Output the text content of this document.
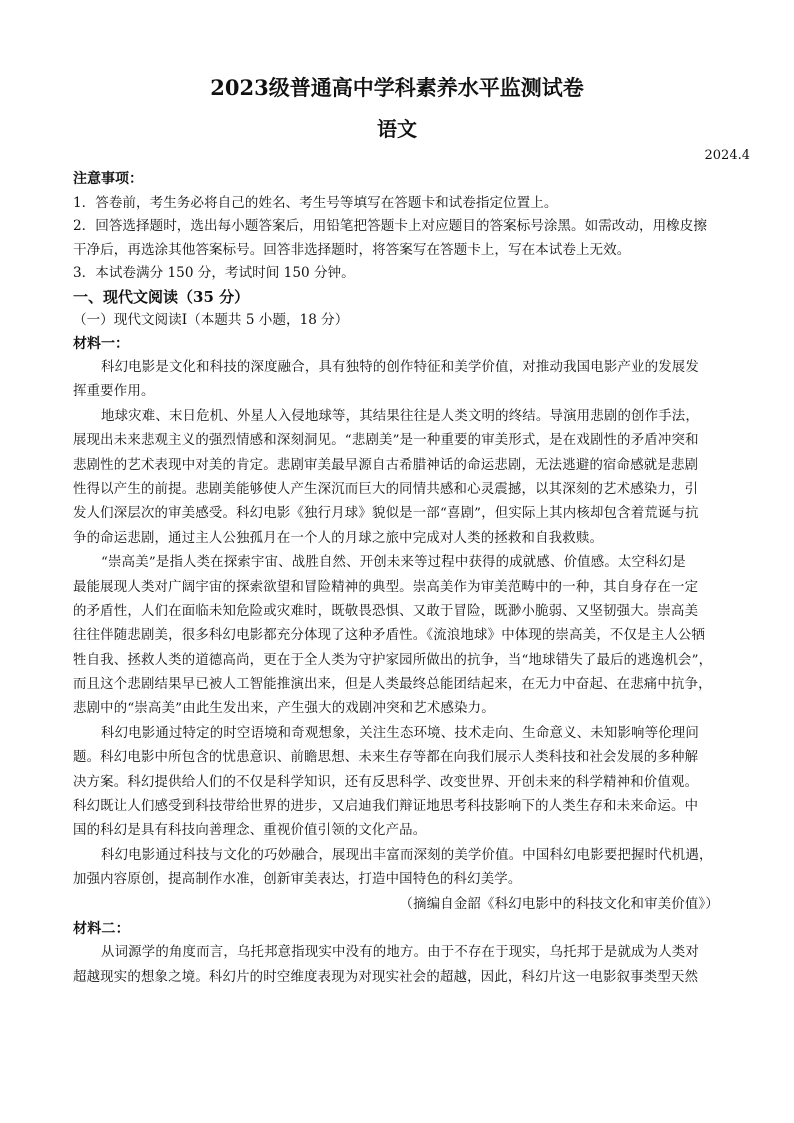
2023级普通高中学科素养水平监测试卷
语文
2024.4
注意事项：
1．答卷前，考生务必将自己的姓名、考生号等填写在答题卡和试卷指定位置上。
2．回答选择题时，选出每小题答案后，用铅笔把答题卡上对应题目的答案标号涂黑。如需改动，用橡皮擦
干净后，再选涂其他答案标号。回答非选择题时，将答案写在答题卡上，写在本试卷上无效。
3．本试卷满分 150 分，考试时间 150 分钟。
一、现代文阅读（35 分）
（一）现代文阅读Ⅰ（本题共 5 小题，18 分）
材料一：
科幻电影是文化和科技的深度融合，具有独特的创作特征和美学价值，对推动我国电影产业的发展发
挥重要作用。
地球灾难、末日危机、外星人入侵地球等，其结果往往是人类文明的终结。导演用悲剧的创作手法，
展现出未来悲观主义的强烈情感和深刻洞见。“悲剧美”是一种重要的审美形式，是在戏剧性的矛盾冲突和
悲剧性的艺术表现中对美的肯定。悲剧审美最早源自古希腊神话的命运悲剧，无法逃避的宿命感就是悲剧
性得以产生的前提。悲剧美能够使人产生深沉而巨大的同情共感和心灵震撼，以其深刻的艺术感染力，引
发人们深层次的审美感受。科幻电影《独行月球》貌似是一部“喜剧”，但实际上其内核却包含着荒诞与抗
争的命运悲剧，通过主人公独孤月在一个人的月球之旅中完成对人类的拯救和自我救赎。
“崇高美”是指人类在探索宇宙、战胜自然、开创未来等过程中获得的成就感、价值感。太空科幻是
最能展现人类对广阔宇宙的探索欲望和冒险精神的典型。崇高美作为审美范畴中的一种，其自身存在一定
的矛盾性，人们在面临未知危险或灾难时，既敬畏恐惧、又敢于冒险，既渺小脆弱、又坚韧强大。崇高美
往往伴随悲剧美，很多科幻电影都充分体现了这种矛盾性。《流浪地球》中体现的崇高美，不仅是主人公牺
牲自我、拯救人类的道德高尚，更在于全人类为守护家园所做出的抗争，当“地球错失了最后的逃逸机会”，
而且这个悲剧结果早已被人工智能推演出来，但是人类最终总能团结起来，在无力中奋起、在悲痛中抗争，
悲剧中的“崇高美”由此生发出来，产生强大的戏剧冲突和艺术感染力。
科幻电影通过特定的时空语境和奇观想象，关注生态环境、技术走向、生命意义、未知影响等伦理问
题。科幻电影中所包含的忧患意识、前瞻思想、未来生存等都在向我们展示人类科技和社会发展的多种解
决方案。科幻提供给人们的不仅是科学知识，还有反思科学、改变世界、开创未来的科学精神和价值观。
科幻既让人们感受到科技带给世界的进步，又启迪我们辩证地思考科技影响下的人类生存和未来命运。中
国的科幻是具有科技向善理念、重视价值引领的文化产品。
科幻电影通过科技与文化的巧妙融合，展现出丰富而深刻的美学价值。中国科幻电影要把握时代机遇，
加强内容原创，提高制作水准，创新审美表达，打造中国特色的科幻美学。
（摘编自金韶《科幻电影中的科技文化和审美价值》）
材料二：
从词源学的角度而言，乌托邦意指现实中没有的地方。由于不存在于现实，乌托邦于是就成为人类对
超越现实的想象之境。科幻片的时空维度表现为对现实社会的超越，因此，科幻片这一电影叙事类型天然
